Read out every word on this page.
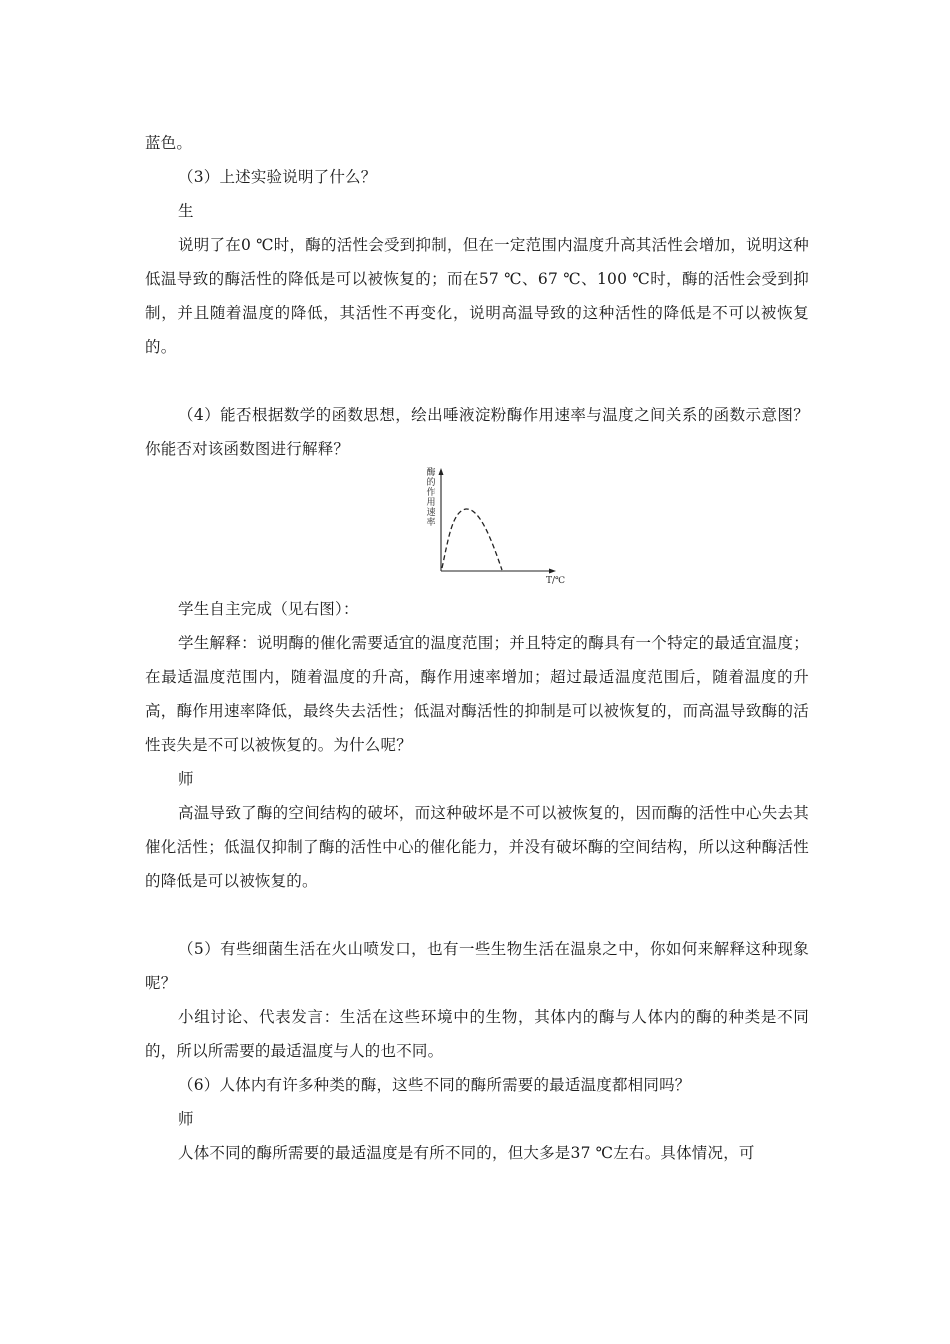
蓝色。

（3）上述实验说明了什么？

生

说明了在0 ℃时，酶的活性会受到抑制，但在一定范围内温度升高其活性会增加，说明这种低温导致的酶活性的降低是可以被恢复的；而在57 ℃、67 ℃、100 ℃时，酶的活性会受到抑制，并且随着温度的降低，其活性不再变化，说明高温导致的这种活性的降低是不可以被恢复的。

（4）能否根据数学的函数思想，绘出唾液淀粉酶作用速率与温度之间关系的函数示意图？你能否对该函数图进行解释？

酶
的
作
用
速
率
T/℃

学生自主完成（见右图）：

学生解释：说明酶的催化需要适宜的温度范围；并且特定的酶具有一个特定的最适宜温度；在最适温度范围内，随着温度的升高，酶作用速率增加；超过最适温度范围后，随着温度的升高，酶作用速率降低，最终失去活性；低温对酶活性的抑制是可以被恢复的，而高温导致酶的活性丧失是不可以被恢复的。为什么呢？

师

高温导致了酶的空间结构的破坏，而这种破坏是不可以被恢复的，因而酶的活性中心失去其催化活性；低温仅抑制了酶的活性中心的催化能力，并没有破坏酶的空间结构，所以这种酶活性的降低是可以被恢复的。

（5）有些细菌生活在火山喷发口，也有一些生物生活在温泉之中，你如何来解释这种现象呢？

小组讨论、代表发言：生活在这些环境中的生物，其体内的酶与人体内的酶的种类是不同的，所以所需要的最适温度与人的也不同。

（6）人体内有许多种类的酶，这些不同的酶所需要的最适温度都相同吗？

师

人体不同的酶所需要的最适温度是有所不同的，但大多是37 ℃左右。具体情况，可
